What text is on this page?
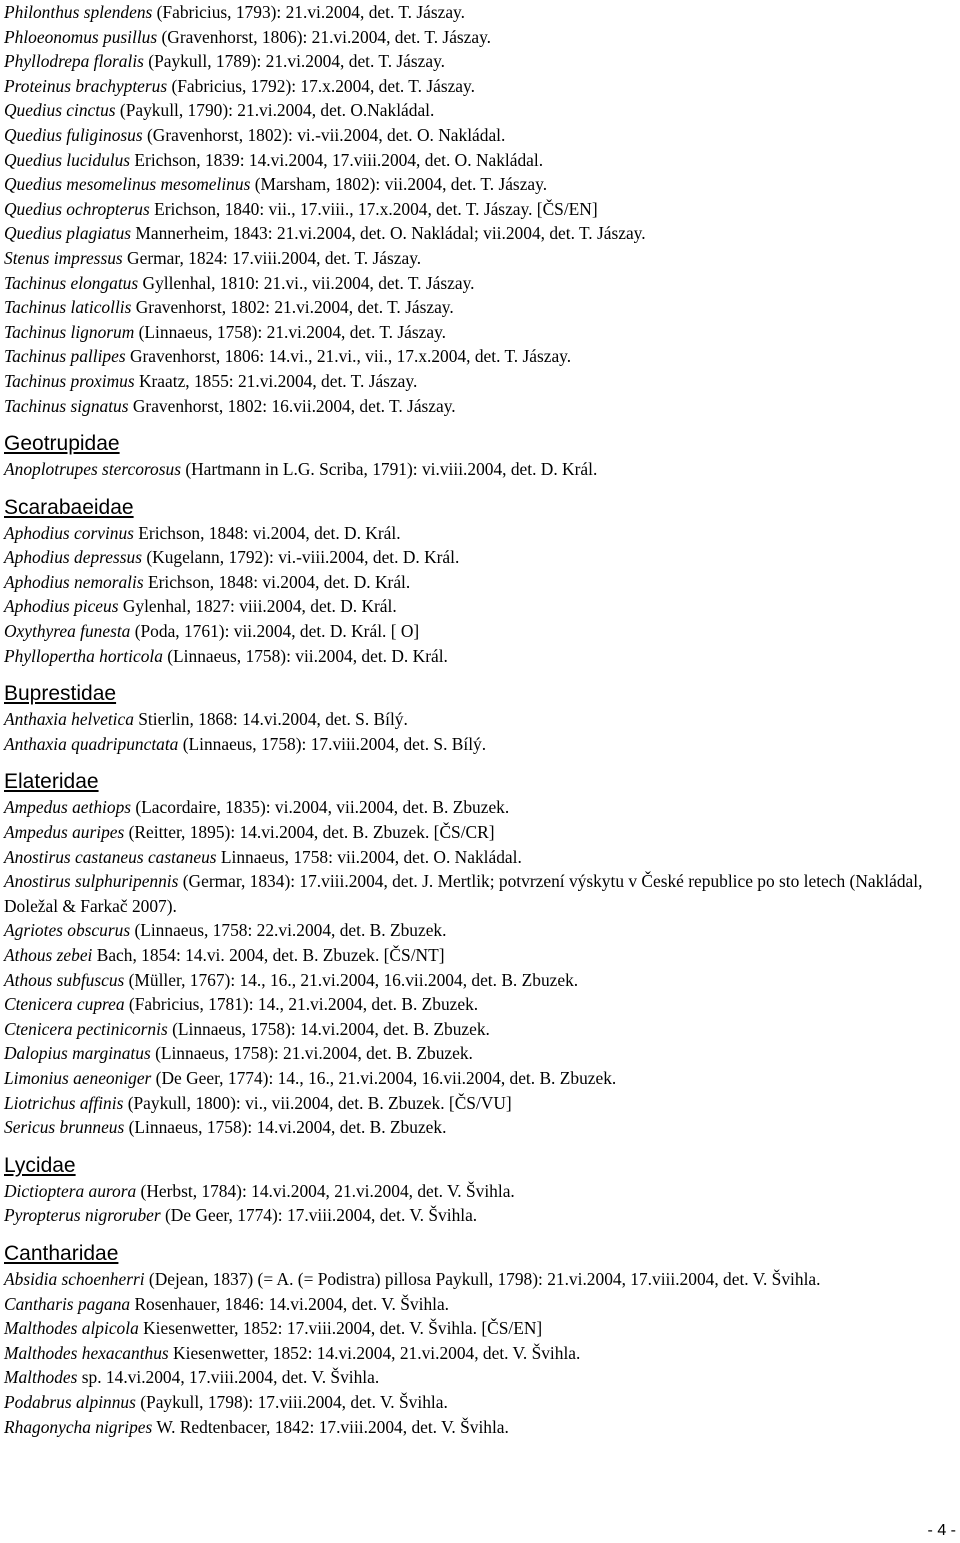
Philonthus splendens (Fabricius, 1793): 21.vi.2004, det. T. Jászay.
Phloeonomus pusillus (Gravenhorst, 1806): 21.vi.2004, det. T. Jászay.
Phyllodrepa floralis (Paykull, 1789): 21.vi.2004, det. T. Jászay.
Proteinus brachypterus (Fabricius, 1792): 17.x.2004, det. T. Jászay.
Quedius cinctus (Paykull, 1790): 21.vi.2004, det. O.Nakládal.
Quedius fuliginosus (Gravenhorst, 1802): vi.-vii.2004, det. O. Nakládal.
Quedius lucidulus Erichson, 1839: 14.vi.2004, 17.viii.2004, det. O. Nakládal.
Quedius mesomelinus mesomelinus (Marsham, 1802): vii.2004, det. T. Jászay.
Quedius ochropterus Erichson, 1840: vii., 17.viii., 17.x.2004, det. T. Jászay. [ČS/EN]
Quedius plagiatus Mannerheim, 1843: 21.vi.2004, det. O. Nakládal; vii.2004, det. T. Jászay.
Stenus impressus Germar, 1824: 17.viii.2004, det. T. Jászay.
Tachinus elongatus Gyllenhal, 1810: 21.vi., vii.2004, det. T. Jászay.
Tachinus laticollis Gravenhorst, 1802: 21.vi.2004, det. T. Jászay.
Tachinus lignorum (Linnaeus, 1758): 21.vi.2004, det. T. Jászay.
Tachinus pallipes Gravenhorst, 1806: 14.vi., 21.vi., vii., 17.x.2004, det. T. Jászay.
Tachinus proximus Kraatz, 1855: 21.vi.2004, det. T. Jászay.
Tachinus signatus Gravenhorst, 1802: 16.vii.2004, det. T. Jászay.
Geotrupidae
Anoplotrupes stercorosus (Hartmann in L.G. Scriba, 1791): vi.viii.2004, det. D. Král.
Scarabaeidae
Aphodius corvinus Erichson, 1848: vi.2004, det. D. Král.
Aphodius depressus (Kugelann, 1792): vi.-viii.2004, det. D. Král.
Aphodius nemoralis Erichson, 1848: vi.2004, det. D. Král.
Aphodius piceus Gylenhal, 1827: viii.2004, det. D. Král.
Oxythyrea funesta (Poda, 1761): vii.2004, det. D. Král. [ O]
Phyllopertha horticola (Linnaeus, 1758): vii.2004, det. D. Král.
Buprestidae
Anthaxia helvetica Stierlin, 1868: 14.vi.2004, det. S. Bílý.
Anthaxia quadripunctata (Linnaeus, 1758): 17.viii.2004, det. S. Bílý.
Elateridae
Ampedus aethiops (Lacordaire, 1835): vi.2004, vii.2004, det. B. Zbuzek.
Ampedus auripes (Reitter, 1895): 14.vi.2004, det. B. Zbuzek. [ČS/CR]
Anostirus castaneus castaneus Linnaeus, 1758: vii.2004, det. O. Nakládal.
Anostirus sulphuripennis (Germar, 1834): 17.viii.2004, det. J. Mertlik; potvrzení výskytu v České republice po sto letech (Nakládal, Doležal & Farkač 2007).
Agriotes obscurus (Linnaeus, 1758: 22.vi.2004, det. B. Zbuzek.
Athous zebei Bach, 1854: 14.vi. 2004, det. B. Zbuzek. [ČS/NT]
Athous subfuscus (Müller, 1767): 14., 16., 21.vi.2004, 16.vii.2004, det. B. Zbuzek.
Ctenicera cuprea (Fabricius, 1781): 14., 21.vi.2004, det. B. Zbuzek.
Ctenicera pectinicornis (Linnaeus, 1758): 14.vi.2004, det. B. Zbuzek.
Dalopius marginatus (Linnaeus, 1758): 21.vi.2004, det. B. Zbuzek.
Limonius aeneoniger (De Geer, 1774): 14., 16., 21.vi.2004, 16.vii.2004, det. B. Zbuzek.
Liotrichus affinis (Paykull, 1800): vi., vii.2004, det. B. Zbuzek. [ČS/VU]
Sericus brunneus (Linnaeus, 1758): 14.vi.2004, det. B. Zbuzek.
Lycidae
Dictioptera aurora (Herbst, 1784): 14.vi.2004, 21.vi.2004, det. V. Švihla.
Pyropterus nigroruber (De Geer, 1774): 17.viii.2004, det. V. Švihla.
Cantharidae
Absidia schoenherri (Dejean, 1837) (= A. (= Podistra) pillosa Paykull, 1798): 21.vi.2004, 17.viii.2004, det. V. Švihla.
Cantharis pagana Rosenhauer, 1846: 14.vi.2004, det. V. Švihla.
Malthodes alpicola Kiesenwetter, 1852: 17.viii.2004, det. V. Švihla. [ČS/EN]
Malthodes hexacanthus Kiesenwetter, 1852: 14.vi.2004, 21.vi.2004, det. V. Švihla.
Malthodes sp. 14.vi.2004, 17.viii.2004, det. V. Švihla.
Podabrus alpinnus (Paykull, 1798): 17.viii.2004, det. V. Švihla.
Rhagonycha nigripes W. Redtenbacer, 1842: 17.viii.2004, det. V. Švihla.
- 4 -
